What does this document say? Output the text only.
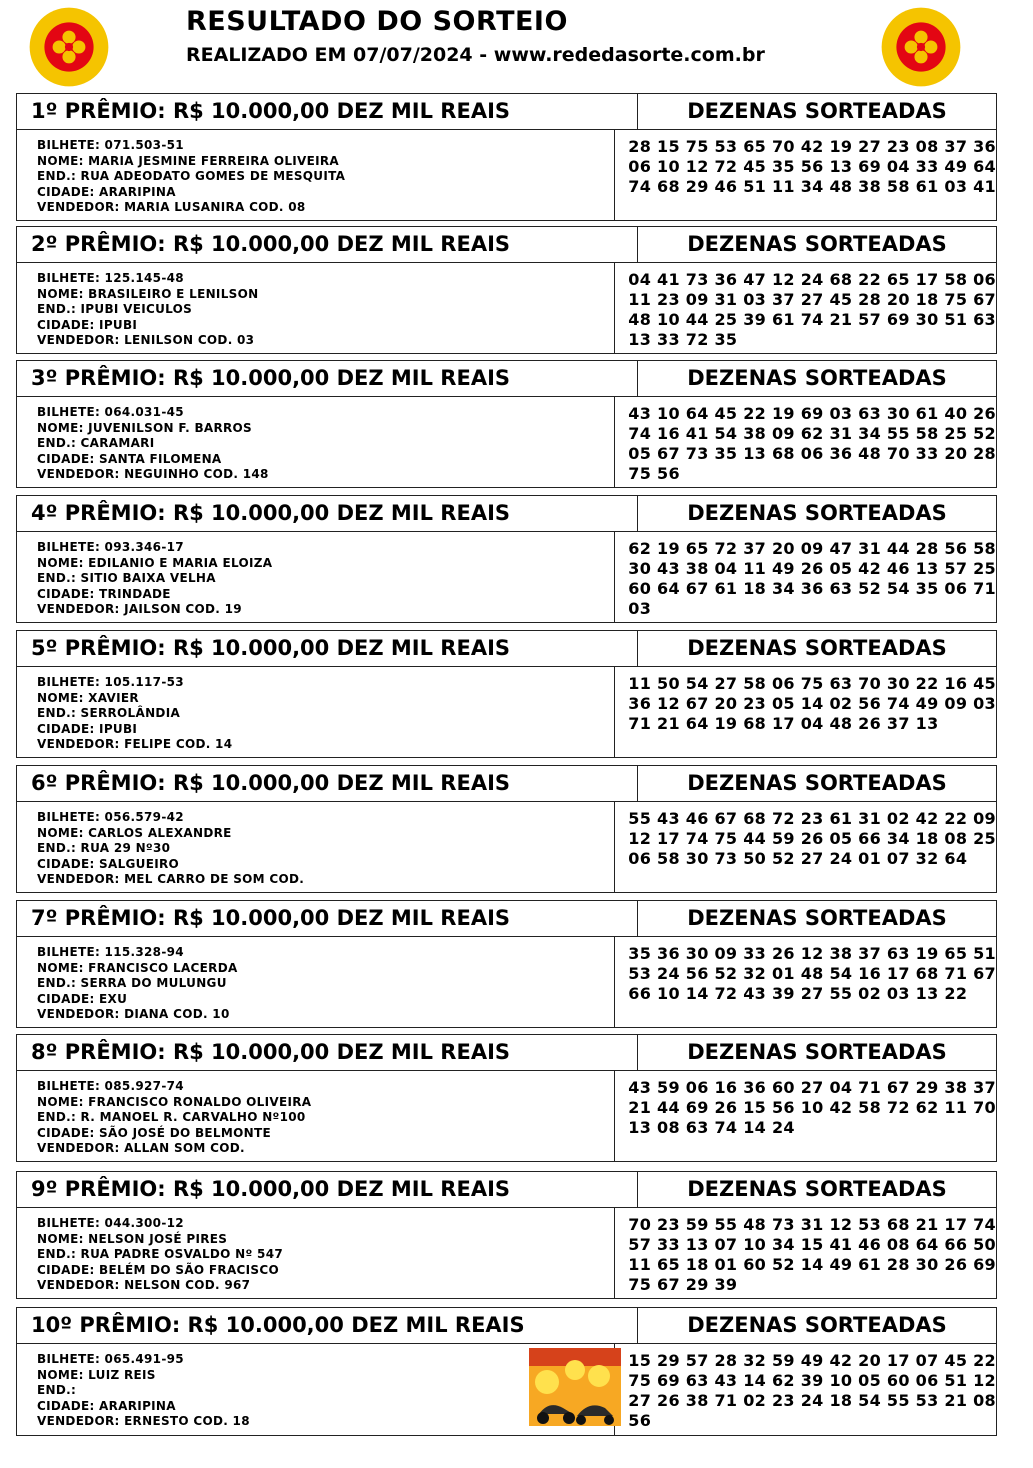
RESULTADO DO SORTEIO
REALIZADO EM 07/07/2024 - www.rededasorte.com.br
1º PRÊMIO: R$ 10.000,00 DEZ MIL REAIS	DEZENAS SORTEADAS
BILHETE: 071.503-51
NOME: MARIA JESMINE FERREIRA OLIVEIRA
END.: RUA ADEODATO GOMES DE MESQUITA
CIDADE: ARARIPINA
VENDEDOR: MARIA LUSANIRA COD. 08
28 15 75 53 65 70 42 19 27 23 08 37 36
06 10 12 72 45 35 56 13 69 04 33 49 64
74 68 29 46 51 11 34 48 38 58 61 03 41
2º PRÊMIO: R$ 10.000,00 DEZ MIL REAIS	DEZENAS SORTEADAS
BILHETE: 125.145-48
NOME: BRASILEIRO E LENILSON
END.: IPUBI VEICULOS
CIDADE: IPUBI
VENDEDOR: LENILSON COD. 03
04 41 73 36 47 12 24 68 22 65 17 58 06
11 23 09 31 03 37 27 45 28 20 18 75 67
48 10 44 25 39 61 74 21 57 69 30 51 63
13 33 72 35
3º PRÊMIO: R$ 10.000,00 DEZ MIL REAIS	DEZENAS SORTEADAS
BILHETE: 064.031-45
NOME: JUVENILSON F. BARROS
END.: CARAMARI
CIDADE: SANTA FILOMENA
VENDEDOR: NEGUINHO COD. 148
43 10 64 45 22 19 69 03 63 30 61 40 26
74 16 41 54 38 09 62 31 34 55 58 25 52
05 67 73 35 13 68 06 36 48 70 33 20 28
75 56
4º PRÊMIO: R$ 10.000,00 DEZ MIL REAIS	DEZENAS SORTEADAS
BILHETE: 093.346-17
NOME: EDILANIO E MARIA ELOIZA
END.: SITIO BAIXA VELHA
CIDADE: TRINDADE
VENDEDOR: JAILSON COD. 19
62 19 65 72 37 20 09 47 31 44 28 56 58
30 43 38 04 11 49 26 05 42 46 13 57 25
60 64 67 61 18 34 36 63 52 54 35 06 71
03
5º PRÊMIO: R$ 10.000,00 DEZ MIL REAIS	DEZENAS SORTEADAS
BILHETE: 105.117-53
NOME: XAVIER
END.: SERROLÂNDIA
CIDADE: IPUBI
VENDEDOR: FELIPE COD. 14
11 50 54 27 58 06 75 63 70 30 22 16 45
36 12 67 20 23 05 14 02 56 74 49 09 03
71 21 64 19 68 17 04 48 26 37 13
6º PRÊMIO: R$ 10.000,00 DEZ MIL REAIS	DEZENAS SORTEADAS
BILHETE: 056.579-42
NOME: CARLOS ALEXANDRE
END.: RUA 29 Nº30
CIDADE: SALGUEIRO
VENDEDOR: MEL CARRO DE SOM COD.
55 43 46 67 68 72 23 61 31 02 42 22 09
12 17 74 75 44 59 26 05 66 34 18 08 25
06 58 30 73 50 52 27 24 01 07 32 64
7º PRÊMIO: R$ 10.000,00 DEZ MIL REAIS	DEZENAS SORTEADAS
BILHETE: 115.328-94
NOME: FRANCISCO LACERDA
END.: SERRA DO MULUNGU
CIDADE: EXU
VENDEDOR: DIANA COD. 10
35 36 30 09 33 26 12 38 37 63 19 65 51
53 24 56 52 32 01 48 54 16 17 68 71 67
66 10 14 72 43 39 27 55 02 03 13 22
8º PRÊMIO: R$ 10.000,00 DEZ MIL REAIS	DEZENAS SORTEADAS
BILHETE: 085.927-74
NOME: FRANCISCO RONALDO OLIVEIRA
END.: R. MANOEL R. CARVALHO Nº100
CIDADE: SÃO JOSÉ DO BELMONTE
VENDEDOR: ALLAN SOM COD.
43 59 06 16 36 60 27 04 71 67 29 38 37
21 44 69 26 15 56 10 42 58 72 62 11 70
13 08 63 74 14 24
9º PRÊMIO: R$ 10.000,00 DEZ MIL REAIS	DEZENAS SORTEADAS
BILHETE: 044.300-12
NOME: NELSON JOSÉ PIRES
END.: RUA PADRE OSVALDO Nº 547
CIDADE: BELÉM DO SÃO FRACISCO
VENDEDOR: NELSON COD. 967
70 23 59 55 48 73 31 12 53 68 21 17 74
57 33 13 07 10 34 15 41 46 08 64 66 50
11 65 18 01 60 52 14 49 61 28 30 26 69
75 67 29 39
10º PRÊMIO: R$ 10.000,00 DEZ MIL REAIS	DEZENAS SORTEADAS
BILHETE: 065.491-95
NOME: LUIZ REIS
END.:
CIDADE: ARARIPINA
VENDEDOR: ERNESTO COD. 18
15 29 57 28 32 59 49 42 20 17 07 45 22
75 69 63 43 14 62 39 10 05 60 06 51 12
27 26 38 71 02 23 24 18 54 55 53 21 08
56
